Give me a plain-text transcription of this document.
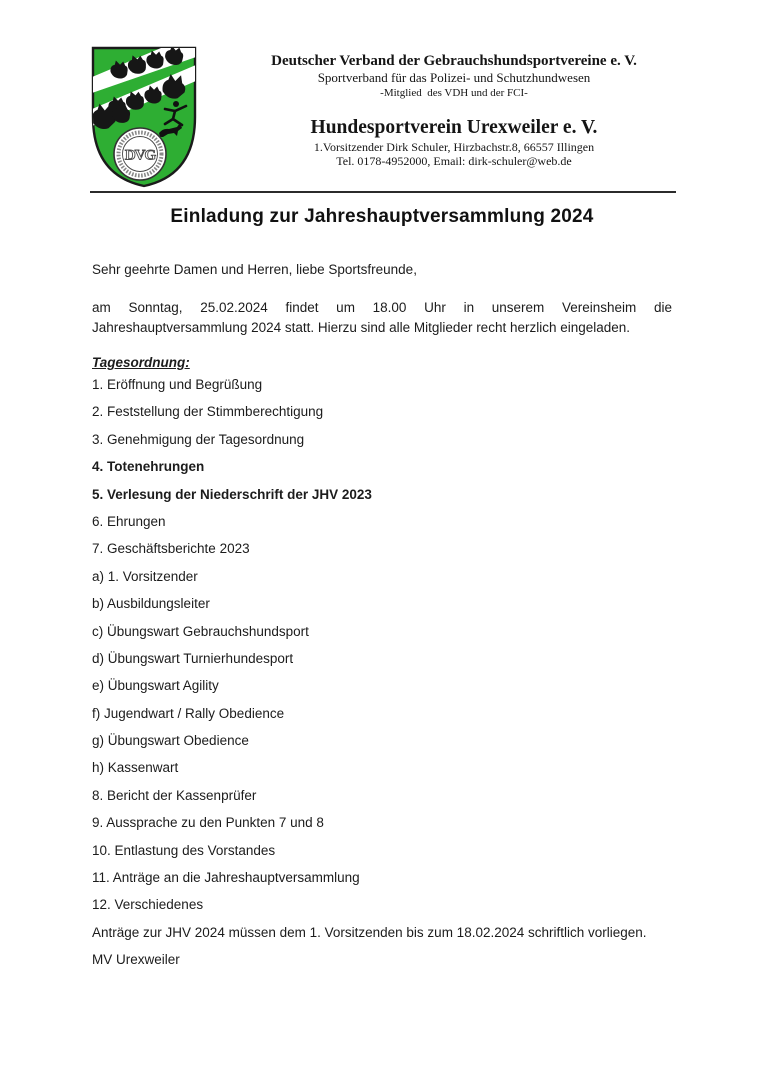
DVG
Deutscher Verband der Gebrauchshundsportvereine e. V.
Sportverband für das Polizei- und Schutzhundwesen
-Mitglied  des VDH und der FCI-
Hundesportverein Urexweiler e. V.
1.Vorsitzender Dirk Schuler, Hirzbachstr.8, 66557 Illingen
Tel. 0178-4952000, Email: dirk-schuler@web.de
Einladung zur Jahreshauptversammlung 2024
Sehr geehrte Damen und Herren, liebe Sportsfreunde,
am Sonntag, 25.02.2024 findet um 18.00 Uhr in unserem Vereinsheim die
Jahreshauptversammlung 2024 statt. Hierzu sind alle Mitglieder recht herzlich eingeladen.
Tagesordnung:
1. Eröffnung und Begrüßung
2. Feststellung der Stimmberechtigung
3. Genehmigung der Tagesordnung
4. Totenehrungen
5. Verlesung der Niederschrift der JHV 2023
6. Ehrungen
7. Geschäftsberichte 2023
a) 1. Vorsitzender
b) Ausbildungsleiter
c) Übungswart Gebrauchshundsport
d) Übungswart Turnierhundesport
e) Übungswart Agility
f) Jugendwart / Rally Obedience
g) Übungswart Obedience
h) Kassenwart
8. Bericht der Kassenprüfer
9. Aussprache zu den Punkten 7 und 8
10. Entlastung des Vorstandes
11. Anträge an die Jahreshauptversammlung
12. Verschiedenes
Anträge zur JHV 2024 müssen dem 1. Vorsitzenden bis zum 18.02.2024 schriftlich vorliegen.
MV Urexweiler
